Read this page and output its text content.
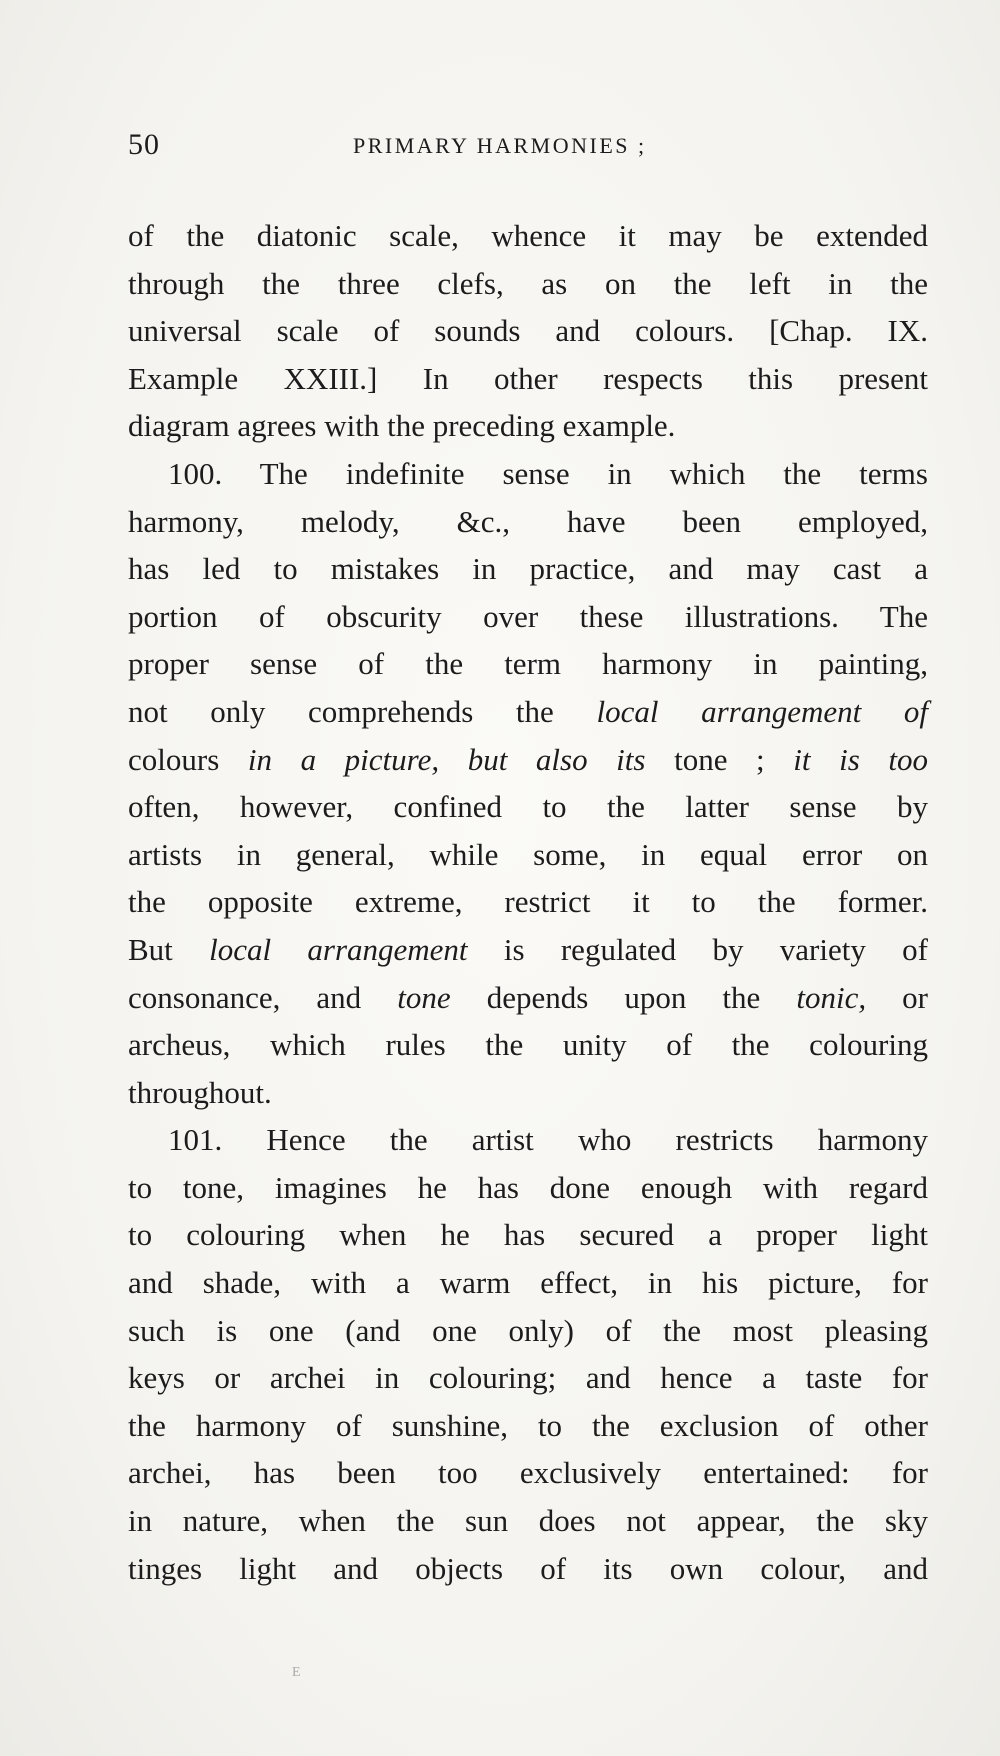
50	PRIMARY HARMONIES ;
of the diatonic scale, whence it may be extended
through the three clefs, as on the left in the
universal scale of sounds and colours. [Chap. IX.
Example XXIII.] In other respects this present
diagram agrees with the preceding example.
100. The indefinite sense in which the terms
harmony, melody, &c., have been employed,
has led to mistakes in practice, and may cast a
portion of obscurity over these illustrations. The
proper sense of the term harmony in painting,
not only comprehends the local arrangement of
colours in a picture, but also its tone ; it is too
often, however, confined to the latter sense by
artists in general, while some, in equal error on
the opposite extreme, restrict it to the former.
But local arrangement is regulated by variety of
consonance, and tone depends upon the tonic, or
archeus, which rules the unity of the colouring
throughout.
101. Hence the artist who restricts harmony
to tone, imagines he has done enough with regard
to colouring when he has secured a proper light
and shade, with a warm effect, in his picture, for
such is one (and one only) of the most pleasing
keys or archei in colouring; and hence a taste for
the harmony of sunshine, to the exclusion of other
archei, has been too exclusively entertained: for
in nature, when the sun does not appear, the sky
tinges light and objects of its own colour, and
E
